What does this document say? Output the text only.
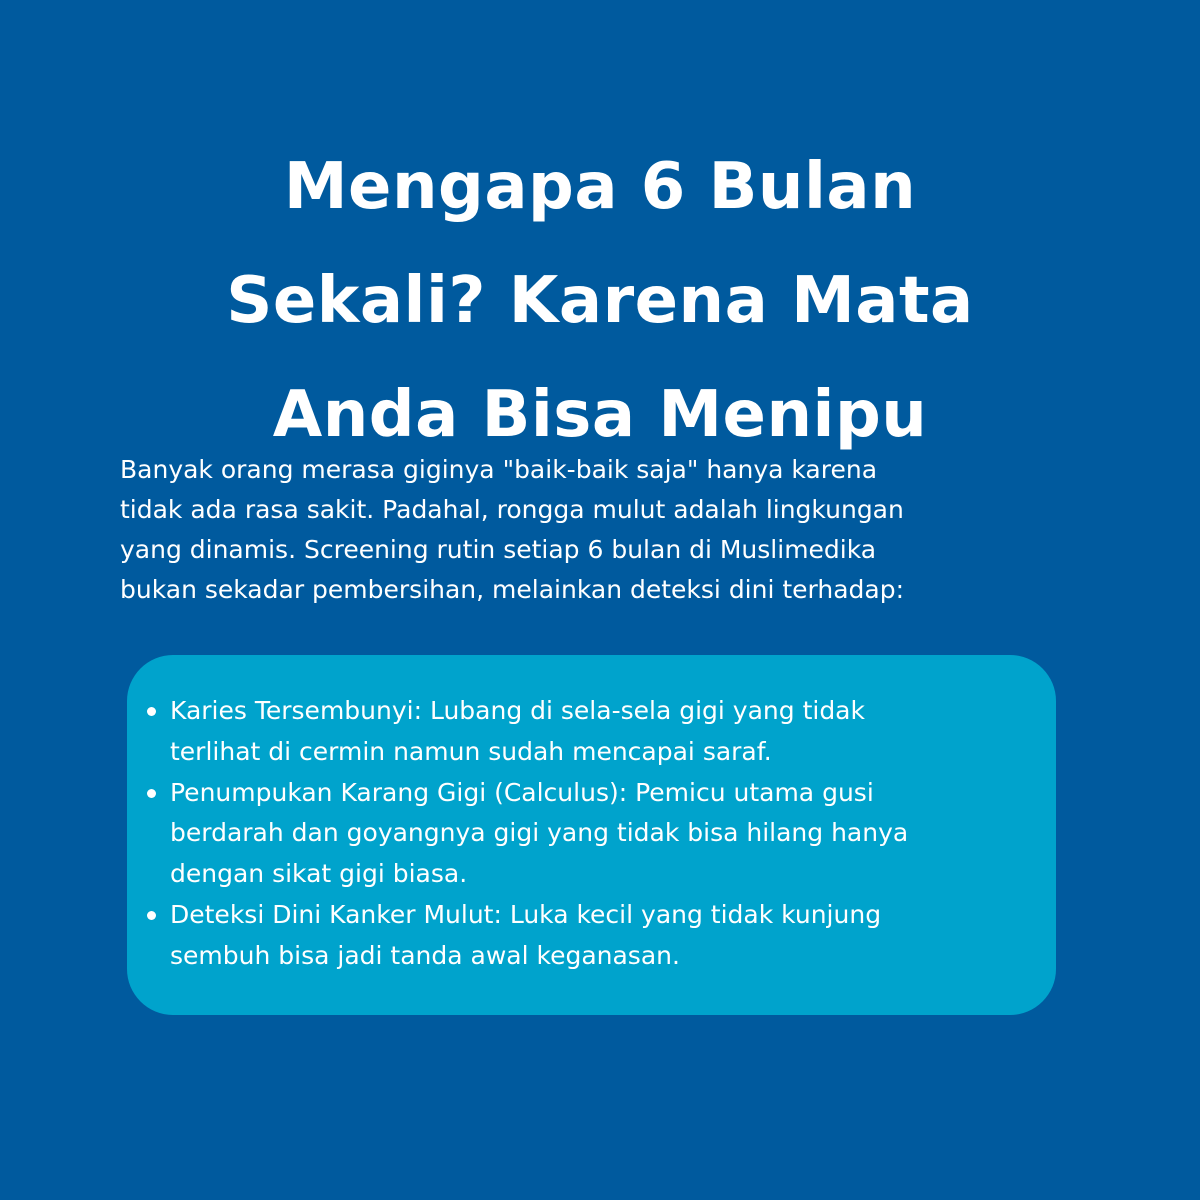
Mengapa 6 Bulan
Sekali? Karena Mata
Anda Bisa Menipu

Banyak orang merasa giginya "baik-baik saja" hanya karena
tidak ada rasa sakit. Padahal, rongga mulut adalah lingkungan
yang dinamis. Screening rutin setiap 6 bulan di Muslimedika
bukan sekadar pembersihan, melainkan deteksi dini terhadap:

Karies Tersembunyi: Lubang di sela-sela gigi yang tidak
terlihat di cermin namun sudah mencapai saraf.
Penumpukan Karang Gigi (Calculus): Pemicu utama gusi
berdarah dan goyangnya gigi yang tidak bisa hilang hanya
dengan sikat gigi biasa.
Deteksi Dini Kanker Mulut: Luka kecil yang tidak kunjung
sembuh bisa jadi tanda awal keganasan.
